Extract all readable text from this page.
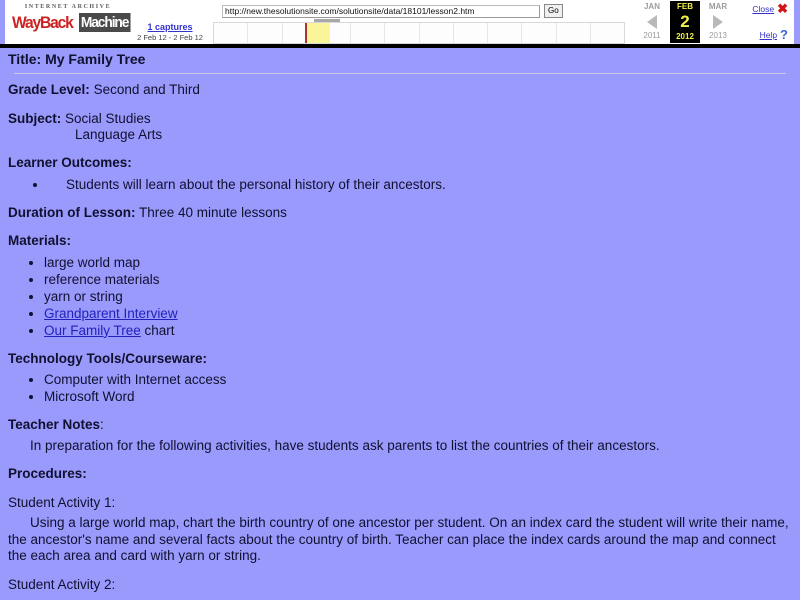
INTERNET ARCHIVE
WayBack Machine	1 captures
2 Feb 12 - 2 Feb 12
http://new.thesolutionsite.com/solutionsite/data/18101/lesson2.htm
Go	JAN
2011
FEB
2
2012
MAR
2013
Close ✖
Help ?
Title: My Family Tree
Grade Level: Second and Third
Subject: Social Studies
Language Arts
Learner Outcomes:
• Students will learn about the personal history of their ancestors.
Duration of Lesson: Three 40 minute lessons
Materials:
• large world map
• reference materials
• yarn or string
• Grandparent Interview
• Our Family Tree chart
Technology Tools/Courseware:
• Computer with Internet access
• Microsoft Word
Teacher Notes:
In preparation for the following activities, have students ask parents to list the countries of their ancestors.
Procedures:
Student Activity 1:
Using a large world map, chart the birth country of one ancestor per student. On an index card the student will write their name, the ancestor's name and several facts about the country of birth. Teacher can place the index cards around the map and connect the each area and card with yarn or string.
Student Activity 2:
